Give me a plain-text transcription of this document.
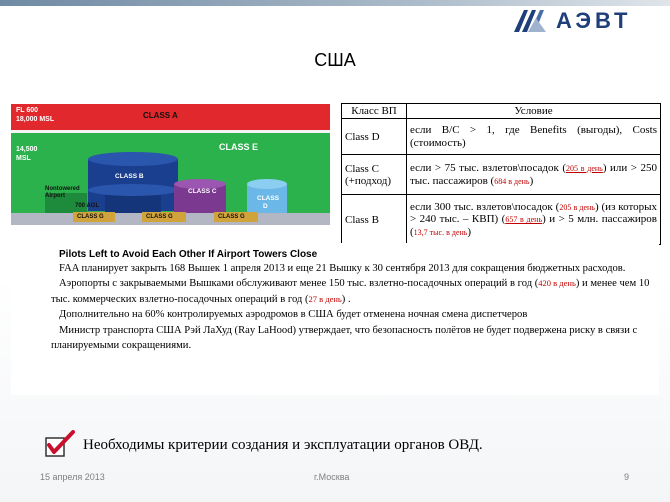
АЭВТ
США
FL 600
18,000 MSL	CLASS A
14,500
MSL
CLASS E
CLASS B
CLASS C
CLASS
D
Nontowered
Airport
700 AGL
CLASS G	CLASS G	CLASS G
Класс ВП	Условие
Class D	если B/C > 1, где Benefits (выгоды), Costs (стоимость)
Class C (+подход)	если > 75 тыс. взлетов\посадок (205 в день) или > 250 тыс. пассажиров (684 в день)
Class B	если 300 тыс. взлетов\посадок (205 в день) (из которых > 240 тыс. – КВП) (657 в день) и > 5 млн. пассажиров (13,7 тыс. в день)
Pilots Left to Avoid Each Other If Airport Towers Close

FAA планирует закрыть 168 Вышек 1 апреля 2013 и еще 21 Вышку к 30 сентября 2013 для сокращения бюджетных расходов.

Аэропорты с закрываемыми Вышками обслуживают менее 150 тыс. взлетно-посадочных операций в год (420 в день) и менее чем 10 тыс. коммерческих взлетно-посадочных операций в год (27 в день) .

Дополнительно на 60% контролируемых аэродромов в США будет отменена ночная смена диспетчеров

Министр транспорта США Рэй ЛаХуд (Ray LaHood) утверждает, что безопасность полётов не будет подвержена риску в связи с планируемыми сокращениями.

Необходимы критерии создания и эксплуатации органов ОВД.
15 апреля 2013	г.Москва	9
